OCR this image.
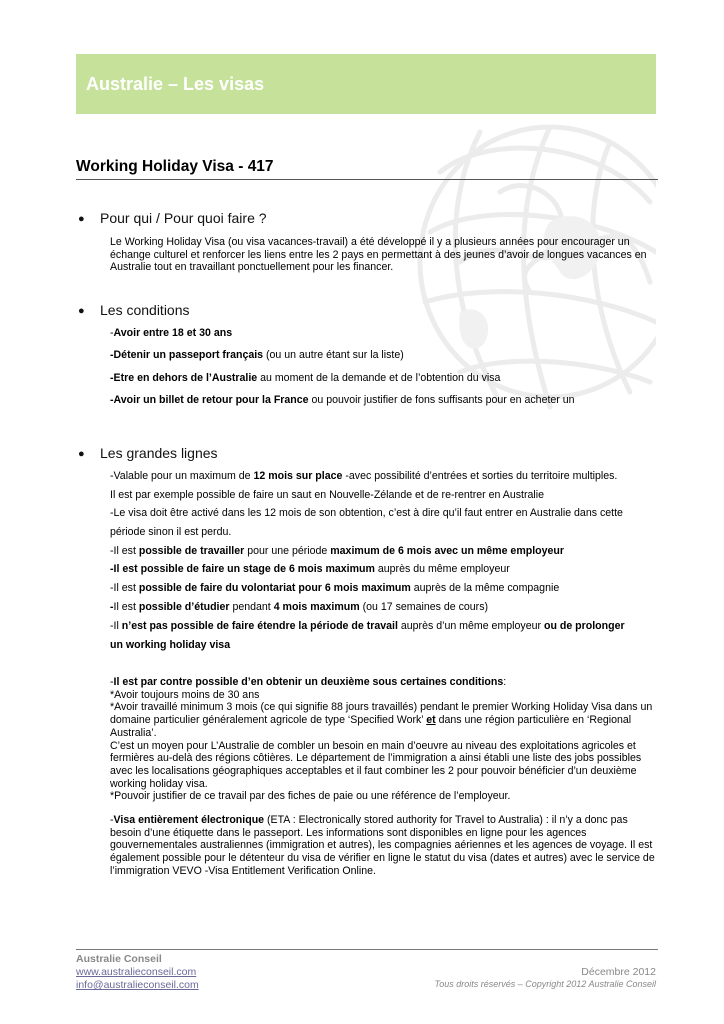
Australie – Les visas
Working Holiday Visa - 417
● Pour qui / Pour quoi faire ?
Le Working Holiday Visa (ou visa vacances-travail) a été développé il y a plusieurs années pour encourager un échange culturel et renforcer les liens entre les 2 pays en permettant à des jeunes d’avoir de longues vacances en Australie tout en travaillant ponctuellement pour les financer.
● Les conditions
-Avoir entre 18 et 30 ans
-Détenir un passeport français (ou un autre étant sur la liste)
-Etre en dehors de l’Australie au moment de la demande et de l’obtention du visa
-Avoir un billet de retour pour la France ou pouvoir justifier de fons suffisants pour en acheter un
● Les grandes lignes
-Valable pour un maximum de 12 mois sur place -avec possibilité d’entrées et sorties du territoire multiples.
Il est par exemple possible de faire un saut en Nouvelle-Zélande et de re-rentrer en Australie
-Le visa doit être activé dans les 12 mois de son obtention, c’est à dire qu’il faut entrer en Australie dans cette
période sinon il est perdu.
-Il est possible de travailler pour une période maximum de 6 mois avec un même employeur
-Il est possible de faire un stage de 6 mois maximum auprès du même employeur
-Il est possible de faire du volontariat pour 6 mois maximum auprès de la même compagnie
-Il est possible d’étudier pendant 4 mois maximum (ou 17 semaines de cours)
-Il n’est pas possible de faire étendre la période de travail auprès d’un même employeur ou de prolonger
un working holiday visa
-Il est par contre possible d’en obtenir un deuxième sous certaines conditions:
*Avoir toujours moins de 30 ans
*Avoir travaillé minimum 3 mois (ce qui signifie 88 jours travaillés) pendant le premier Working Holiday Visa dans un domaine particulier généralement agricole de type ‘Specified Work’ et dans une région particulière en ‘Regional Australia’.
C’est un moyen pour L’Australie de combler un besoin en main d’oeuvre au niveau des exploitations agricoles et fermières au-delà des régions côtières. Le département de l’immigration a ainsi établi une liste des jobs possibles avec les localisations géographiques acceptables et il faut combiner les 2 pour pouvoir bénéficier d’un deuxième working holiday visa.
*Pouvoir justifier de ce travail par des fiches de paie ou une référence de l’employeur.
-Visa entièrement électronique (ETA : Electronically stored authority for Travel to Australia) : il n’y a donc pas besoin d’une étiquette dans le passeport. Les informations sont disponibles en ligne pour les agences gouvernementales australiennes (immigration et autres), les compagnies aériennes et les agences de voyage. Il est également possible pour le détenteur du visa de vérifier en ligne le statut du visa (dates et autres) avec le service de l’immigration VEVO -Visa Entitlement Verification Online.
Australie Conseil
www.australieconseil.com
info@australieconseil.com
Décembre 2012
Tous droits réservés – Copyright 2012 Australie Conseil
